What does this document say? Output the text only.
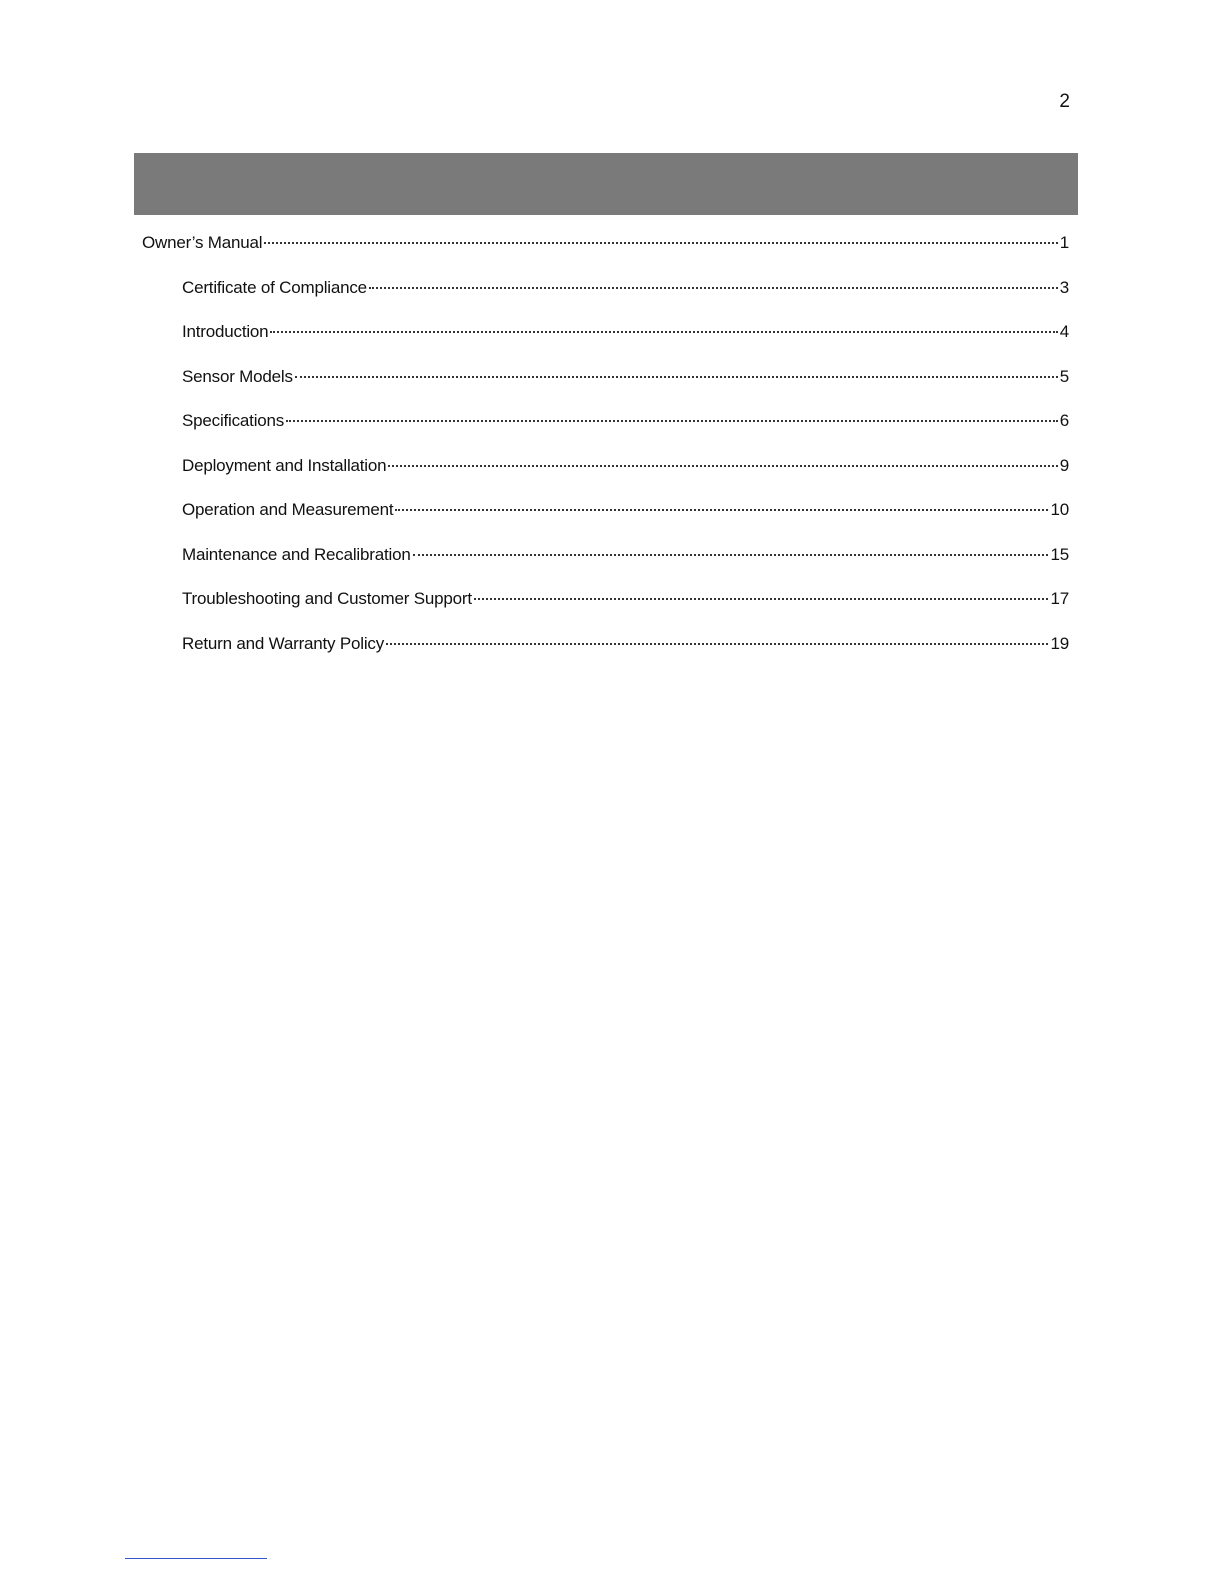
2
Owner’s Manual	1
Certificate of Compliance	3
Introduction	4
Sensor Models	5
Specifications	6
Deployment and Installation	9
Operation and Measurement	10
Maintenance and Recalibration	15
Troubleshooting and Customer Support	17
Return and Warranty Policy	19
